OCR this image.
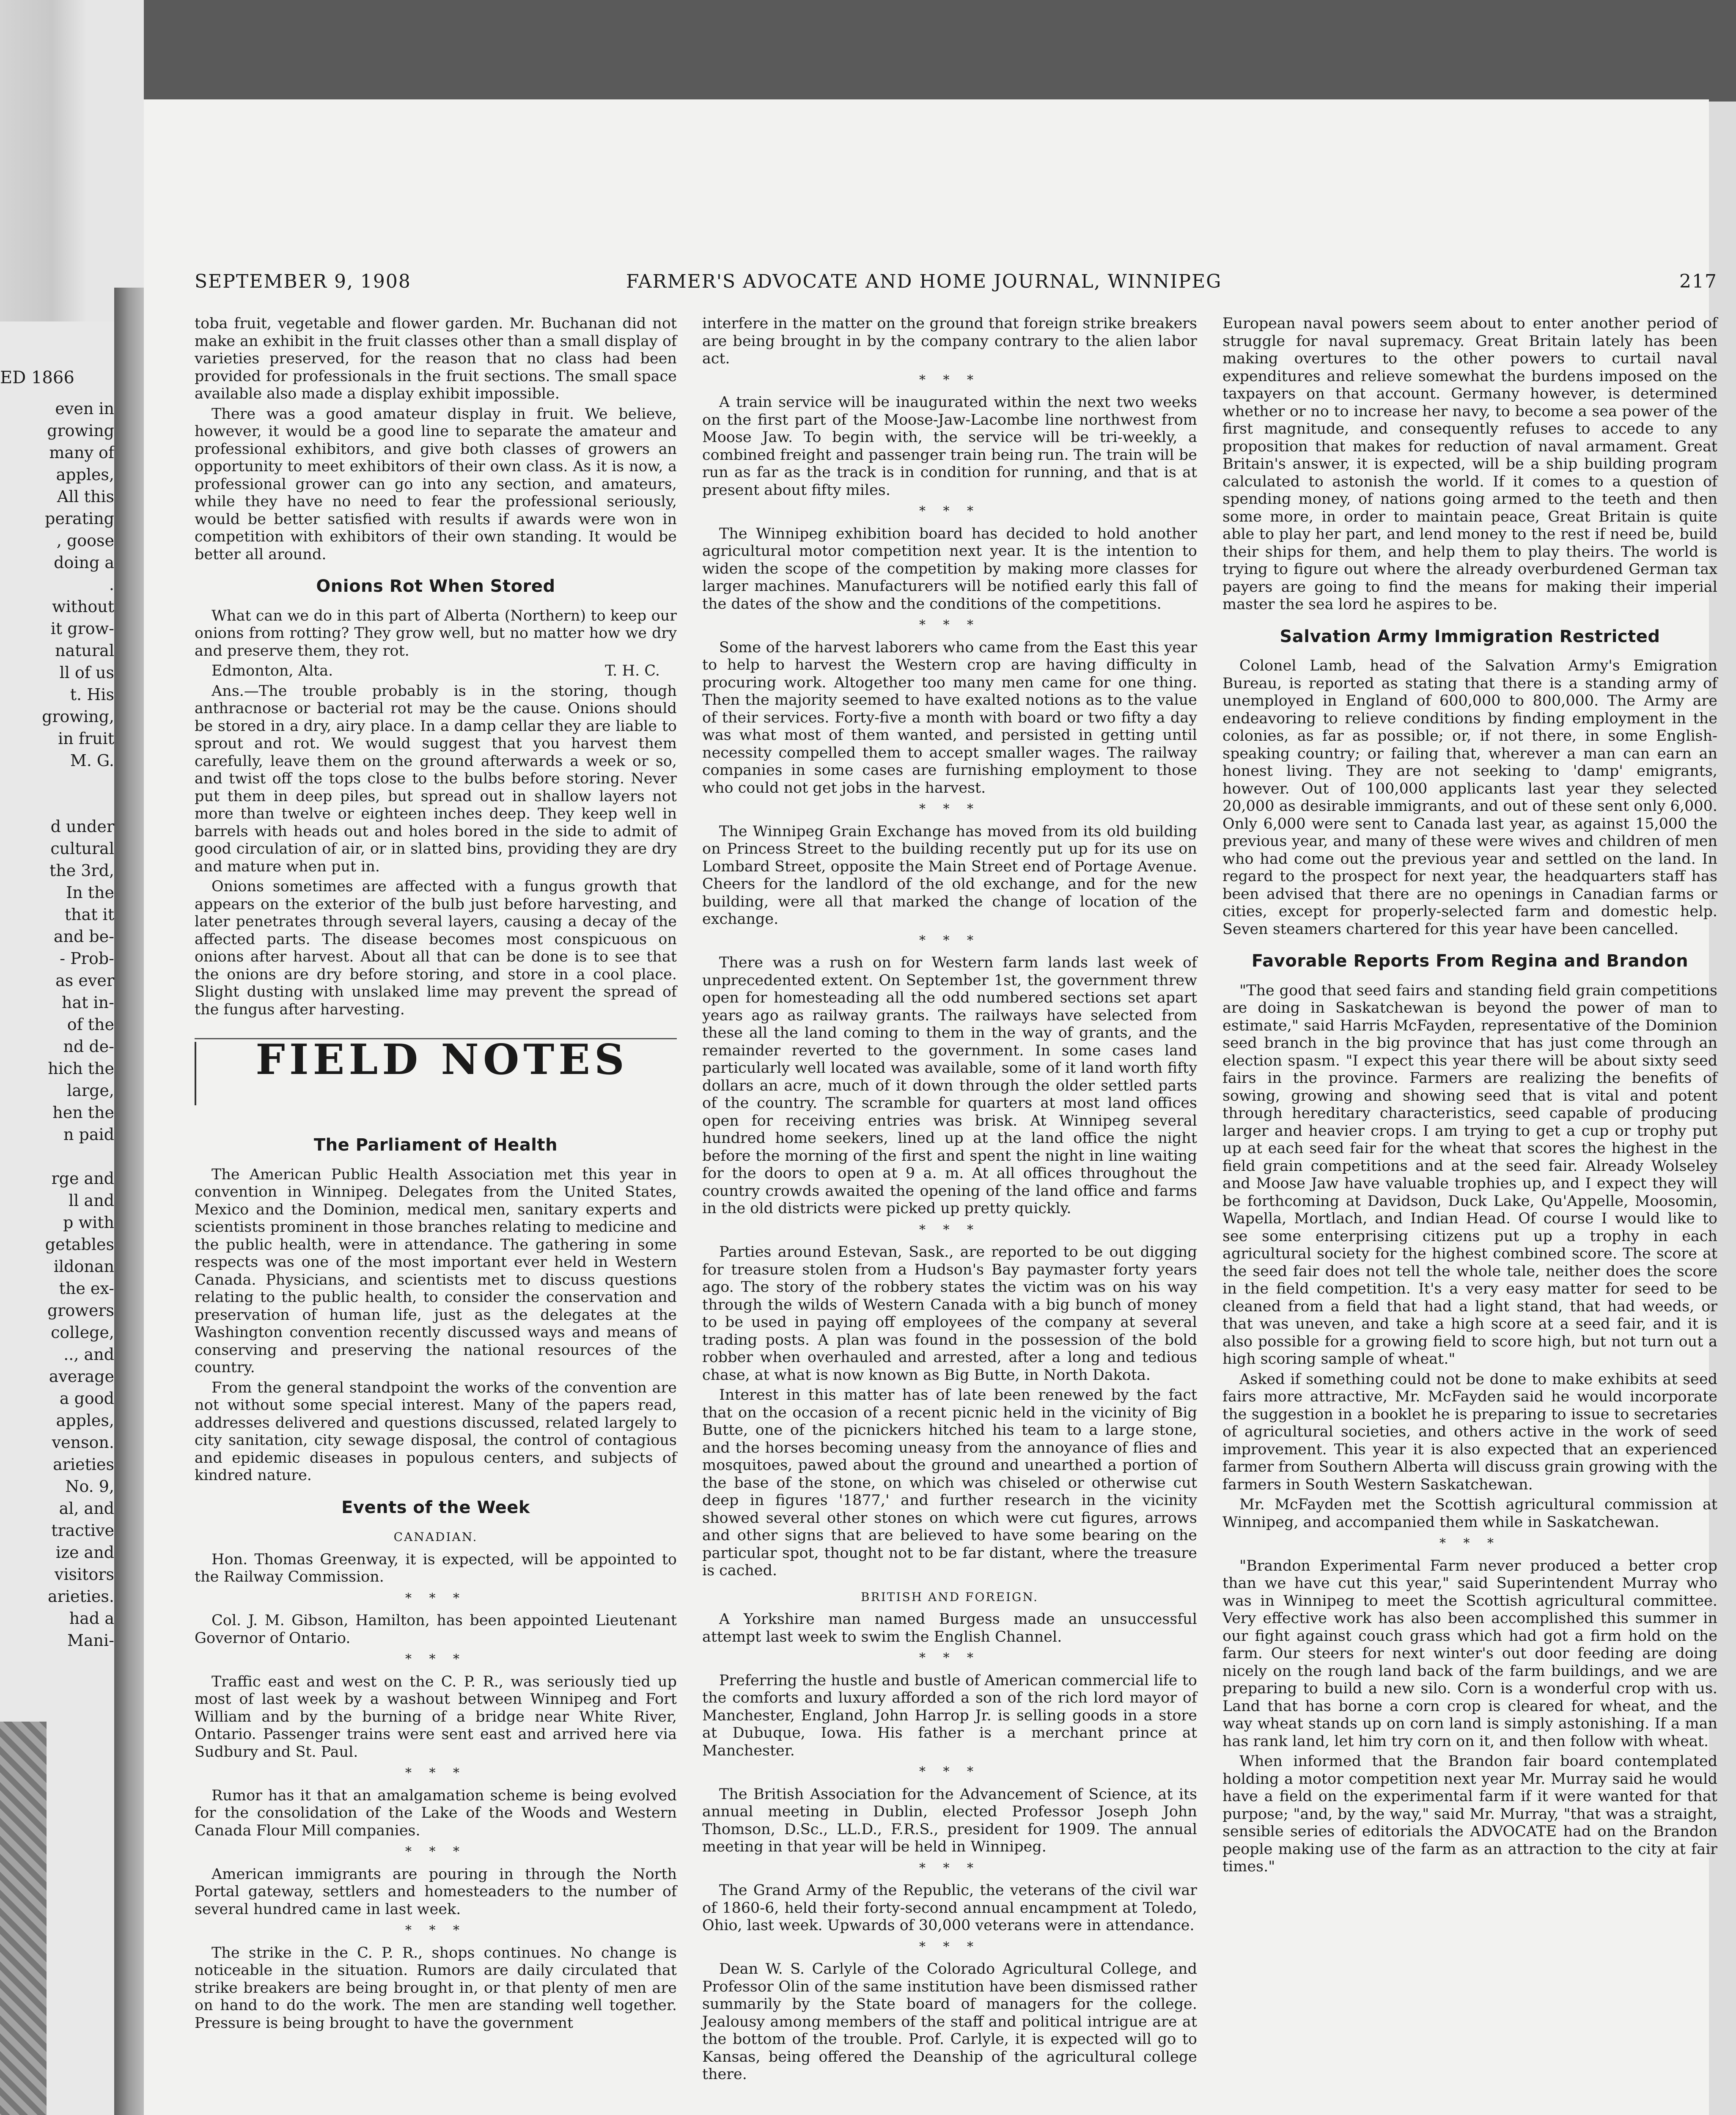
ED 1866
even in
growing
many of
apples,
All this
perating
, goose
doing a
.
without
it grow-
natural
ll of us
t. His
growing,
in fruit
M. G.
d under
cultural
the 3rd,
In the
that it
and be-
- Prob-
as ever
hat in-
of the
nd de-
hich the
large,
hen the
n paid
rge and
ll and
p with
getables
ildonan
the ex-
growers
college,
.., and
average
a good
apples,
venson.
arieties
No. 9,
al, and
tractive
ize and
visitors
arieties.
had a
Mani-
SEPTEMBER 9, 1908	FARMER'S ADVOCATE AND HOME JOURNAL, WINNIPEG	217

toba fruit, vegetable and flower garden. Mr. Buchanan did not make an exhibit in the fruit classes other than a small display of varieties preserved, for the reason that no class had been provided for professionals in the fruit sections. The small space available also made a display exhibit impossible.

There was a good amateur display in fruit. We believe, however, it would be a good line to separate the amateur and professional exhibitors, and give both classes of growers an opportunity to meet exhibitors of their own class. As it is now, a professional grower can go into any section, and amateurs, while they have no need to fear the professional seriously, would be better satisfied with results if awards were won in competition with exhibitors of their own standing. It would be better all around.

Onions Rot When Stored

What can we do in this part of Alberta (Northern) to keep our onions from rotting? They grow well, but no matter how we dry and preserve them, they rot.

Edmonton, Alta.	T. H. C.

Ans.—The trouble probably is in the storing, though anthracnose or bacterial rot may be the cause. Onions should be stored in a dry, airy place. In a damp cellar they are liable to sprout and rot. We would suggest that you harvest them carefully, leave them on the ground afterwards a week or so, and twist off the tops close to the bulbs before storing. Never put them in deep piles, but spread out in shallow layers not more than twelve or eighteen inches deep. They keep well in barrels with heads out and holes bored in the side to admit of good circulation of air, or in slatted bins, providing they are dry and mature when put in.

Onions sometimes are affected with a fungus growth that appears on the exterior of the bulb just before harvesting, and later penetrates through several layers, causing a decay of the affected parts. The disease becomes most conspicuous on onions after harvest. About all that can be done is to see that the onions are dry before storing, and store in a cool place. Slight dusting with unslaked lime may prevent the spread of the fungus after harvesting.

FIELD NOTES
The Parliament of Health

The American Public Health Association met this year in convention in Winnipeg. Delegates from the United States, Mexico and the Dominion, medical men, sanitary experts and scientists prominent in those branches relating to medicine and the public health, were in attendance. The gathering in some respects was one of the most important ever held in Western Canada. Physicians, and scientists met to discuss questions relating to the public health, to consider the conservation and preservation of human life, just as the delegates at the Washington convention recently discussed ways and means of conserving and preserving the national resources of the country.

From the general standpoint the works of the convention are not without some special interest. Many of the papers read, addresses delivered and questions discussed, related largely to city sanitation, city sewage disposal, the control of contagious and epidemic diseases in populous centers, and subjects of kindred nature.

Events of the Week
CANADIAN.

Hon. Thomas Greenway, it is expected, will be appointed to the Railway Commission.

* * *

Col. J. M. Gibson, Hamilton, has been appointed Lieutenant Governor of Ontario.

* * *

Traffic east and west on the C. P. R., was seriously tied up most of last week by a washout between Winnipeg and Fort William and by the burning of a bridge near White River, Ontario. Passenger trains were sent east and arrived here via Sudbury and St. Paul.

* * *

Rumor has it that an amalgamation scheme is being evolved for the consolidation of the Lake of the Woods and Western Canada Flour Mill companies.

* * *

American immigrants are pouring in through the North Portal gateway, settlers and homesteaders to the number of several hundred came in last week.

* * *

The strike in the C. P. R., shops continues. No change is noticeable in the situation. Rumors are daily circulated that strike breakers are being brought in, or that plenty of men are on hand to do the work. The men are standing well together. Pressure is being brought to have the government

interfere in the matter on the ground that foreign strike breakers are being brought in by the company contrary to the alien labor act.

* * *

A train service will be inaugurated within the next two weeks on the first part of the Moose-Jaw-Lacombe line northwest from Moose Jaw. To begin with, the service will be tri-weekly, a combined freight and passenger train being run. The train will be run as far as the track is in condition for running, and that is at present about fifty miles.

* * *

The Winnipeg exhibition board has decided to hold another agricultural motor competition next year. It is the intention to widen the scope of the competition by making more classes for larger machines. Manufacturers will be notified early this fall of the dates of the show and the conditions of the competitions.

* * *

Some of the harvest laborers who came from the East this year to help to harvest the Western crop are having difficulty in procuring work. Altogether too many men came for one thing. Then the majority seemed to have exalted notions as to the value of their services. Forty-five a month with board or two fifty a day was what most of them wanted, and persisted in getting until necessity compelled them to accept smaller wages. The railway companies in some cases are furnishing employment to those who could not get jobs in the harvest.

* * *

The Winnipeg Grain Exchange has moved from its old building on Princess Street to the building recently put up for its use on Lombard Street, opposite the Main Street end of Portage Avenue. Cheers for the landlord of the old exchange, and for the new building, were all that marked the change of location of the exchange.

* * *

There was a rush on for Western farm lands last week of unprecedented extent. On September 1st, the government threw open for homesteading all the odd numbered sections set apart years ago as railway grants. The railways have selected from these all the land coming to them in the way of grants, and the remainder reverted to the government. In some cases land particularly well located was available, some of it land worth fifty dollars an acre, much of it down through the older settled parts of the country. The scramble for quarters at most land offices open for receiving entries was brisk. At Winnipeg several hundred home seekers, lined up at the land office the night before the morning of the first and spent the night in line waiting for the doors to open at 9 a. m. At all offices throughout the country crowds awaited the opening of the land office and farms in the old districts were picked up pretty quickly.

* * *

Parties around Estevan, Sask., are reported to be out digging for treasure stolen from a Hudson's Bay paymaster forty years ago. The story of the robbery states the victim was on his way through the wilds of Western Canada with a big bunch of money to be used in paying off employees of the company at several trading posts. A plan was found in the possession of the bold robber when overhauled and arrested, after a long and tedious chase, at what is now known as Big Butte, in North Dakota.

Interest in this matter has of late been renewed by the fact that on the occasion of a recent picnic held in the vicinity of Big Butte, one of the picnickers hitched his team to a large stone, and the horses becoming uneasy from the annoyance of flies and mosquitoes, pawed about the ground and unearthed a portion of the base of the stone, on which was chiseled or otherwise cut deep in figures '1877,' and further research in the vicinity showed several other stones on which were cut figures, arrows and other signs that are believed to have some bearing on the particular spot, thought not to be far distant, where the treasure is cached.

BRITISH AND FOREIGN.

A Yorkshire man named Burgess made an unsuccessful attempt last week to swim the English Channel.

* * *

Preferring the hustle and bustle of American commercial life to the comforts and luxury afforded a son of the rich lord mayor of Manchester, England, John Harrop Jr. is selling goods in a store at Dubuque, Iowa. His father is a merchant prince at Manchester.

* * *

The British Association for the Advancement of Science, at its annual meeting in Dublin, elected Professor Joseph John Thomson, D.Sc., LL.D., F.R.S., president for 1909. The annual meeting in that year will be held in Winnipeg.

* * *

The Grand Army of the Republic, the veterans of the civil war of 1860-6, held their forty-second annual encampment at Toledo, Ohio, last week. Upwards of 30,000 veterans were in attendance.

* * *

Dean W. S. Carlyle of the Colorado Agricultural College, and Professor Olin of the same institution have been dismissed rather summarily by the State board of managers for the college. Jealousy among members of the staff and political intrigue are at the bottom of the trouble. Prof. Carlyle, it is expected will go to Kansas, being offered the Deanship of the agricultural college there.

European naval powers seem about to enter another period of struggle for naval supremacy. Great Britain lately has been making overtures to the other powers to curtail naval expenditures and relieve somewhat the burdens imposed on the taxpayers on that account. Germany however, is determined whether or no to increase her navy, to become a sea power of the first magnitude, and consequently refuses to accede to any proposition that makes for reduction of naval armament. Great Britain's answer, it is expected, will be a ship building program calculated to astonish the world. If it comes to a question of spending money, of nations going armed to the teeth and then some more, in order to maintain peace, Great Britain is quite able to play her part, and lend money to the rest if need be, build their ships for them, and help them to play theirs. The world is trying to figure out where the already overburdened German tax payers are going to find the means for making their imperial master the sea lord he aspires to be.

Salvation Army Immigration Restricted

Colonel Lamb, head of the Salvation Army's Emigration Bureau, is reported as stating that there is a standing army of unemployed in England of 600,000 to 800,000. The Army are endeavoring to relieve conditions by finding employment in the colonies, as far as possible; or, if not there, in some English-speaking country; or failing that, wherever a man can earn an honest living. They are not seeking to 'damp' emigrants, however. Out of 100,000 applicants last year they selected 20,000 as desirable immigrants, and out of these sent only 6,000. Only 6,000 were sent to Canada last year, as against 15,000 the previous year, and many of these were wives and children of men who had come out the previous year and settled on the land. In regard to the prospect for next year, the headquarters staff has been advised that there are no openings in Canadian farms or cities, except for properly-selected farm and domestic help. Seven steamers chartered for this year have been cancelled.

Favorable Reports From Regina and Brandon

"The good that seed fairs and standing field grain competitions are doing in Saskatchewan is beyond the power of man to estimate," said Harris McFayden, representative of the Dominion seed branch in the big province that has just come through an election spasm. "I expect this year there will be about sixty seed fairs in the province. Farmers are realizing the benefits of sowing, growing and showing seed that is vital and potent through hereditary characteristics, seed capable of producing larger and heavier crops. I am trying to get a cup or trophy put up at each seed fair for the wheat that scores the highest in the field grain competitions and at the seed fair. Already Wolseley and Moose Jaw have valuable trophies up, and I expect they will be forthcoming at Davidson, Duck Lake, Qu'Appelle, Moosomin, Wapella, Mortlach, and Indian Head. Of course I would like to see some enterprising citizens put up a trophy in each agricultural society for the highest combined score. The score at the seed fair does not tell the whole tale, neither does the score in the field competition. It's a very easy matter for seed to be cleaned from a field that had a light stand, that had weeds, or that was uneven, and take a high score at a seed fair, and it is also possible for a growing field to score high, but not turn out a high scoring sample of wheat."

Asked if something could not be done to make exhibits at seed fairs more attractive, Mr. McFayden said he would incorporate the suggestion in a booklet he is preparing to issue to secretaries of agricultural societies, and others active in the work of seed improvement. This year it is also expected that an experienced farmer from Southern Alberta will discuss grain growing with the farmers in South Western Saskatchewan.

Mr. McFayden met the Scottish agricultural commission at Winnipeg, and accompanied them while in Saskatchewan.

* * *

"Brandon Experimental Farm never produced a better crop than we have cut this year," said Superintendent Murray who was in Winnipeg to meet the Scottish agricultural committee. Very effective work has also been accomplished this summer in our fight against couch grass which had got a firm hold on the farm. Our steers for next winter's out door feeding are doing nicely on the rough land back of the farm buildings, and we are preparing to build a new silo. Corn is a wonderful crop with us. Land that has borne a corn crop is cleared for wheat, and the way wheat stands up on corn land is simply astonishing. If a man has rank land, let him try corn on it, and then follow with wheat.

When informed that the Brandon fair board contemplated holding a motor competition next year Mr. Murray said he would have a field on the experimental farm if it were wanted for that purpose; "and, by the way," said Mr. Murray, "that was a straight, sensible series of editorials the ADVOCATE had on the Brandon people making use of the farm as an attraction to the city at fair times."
